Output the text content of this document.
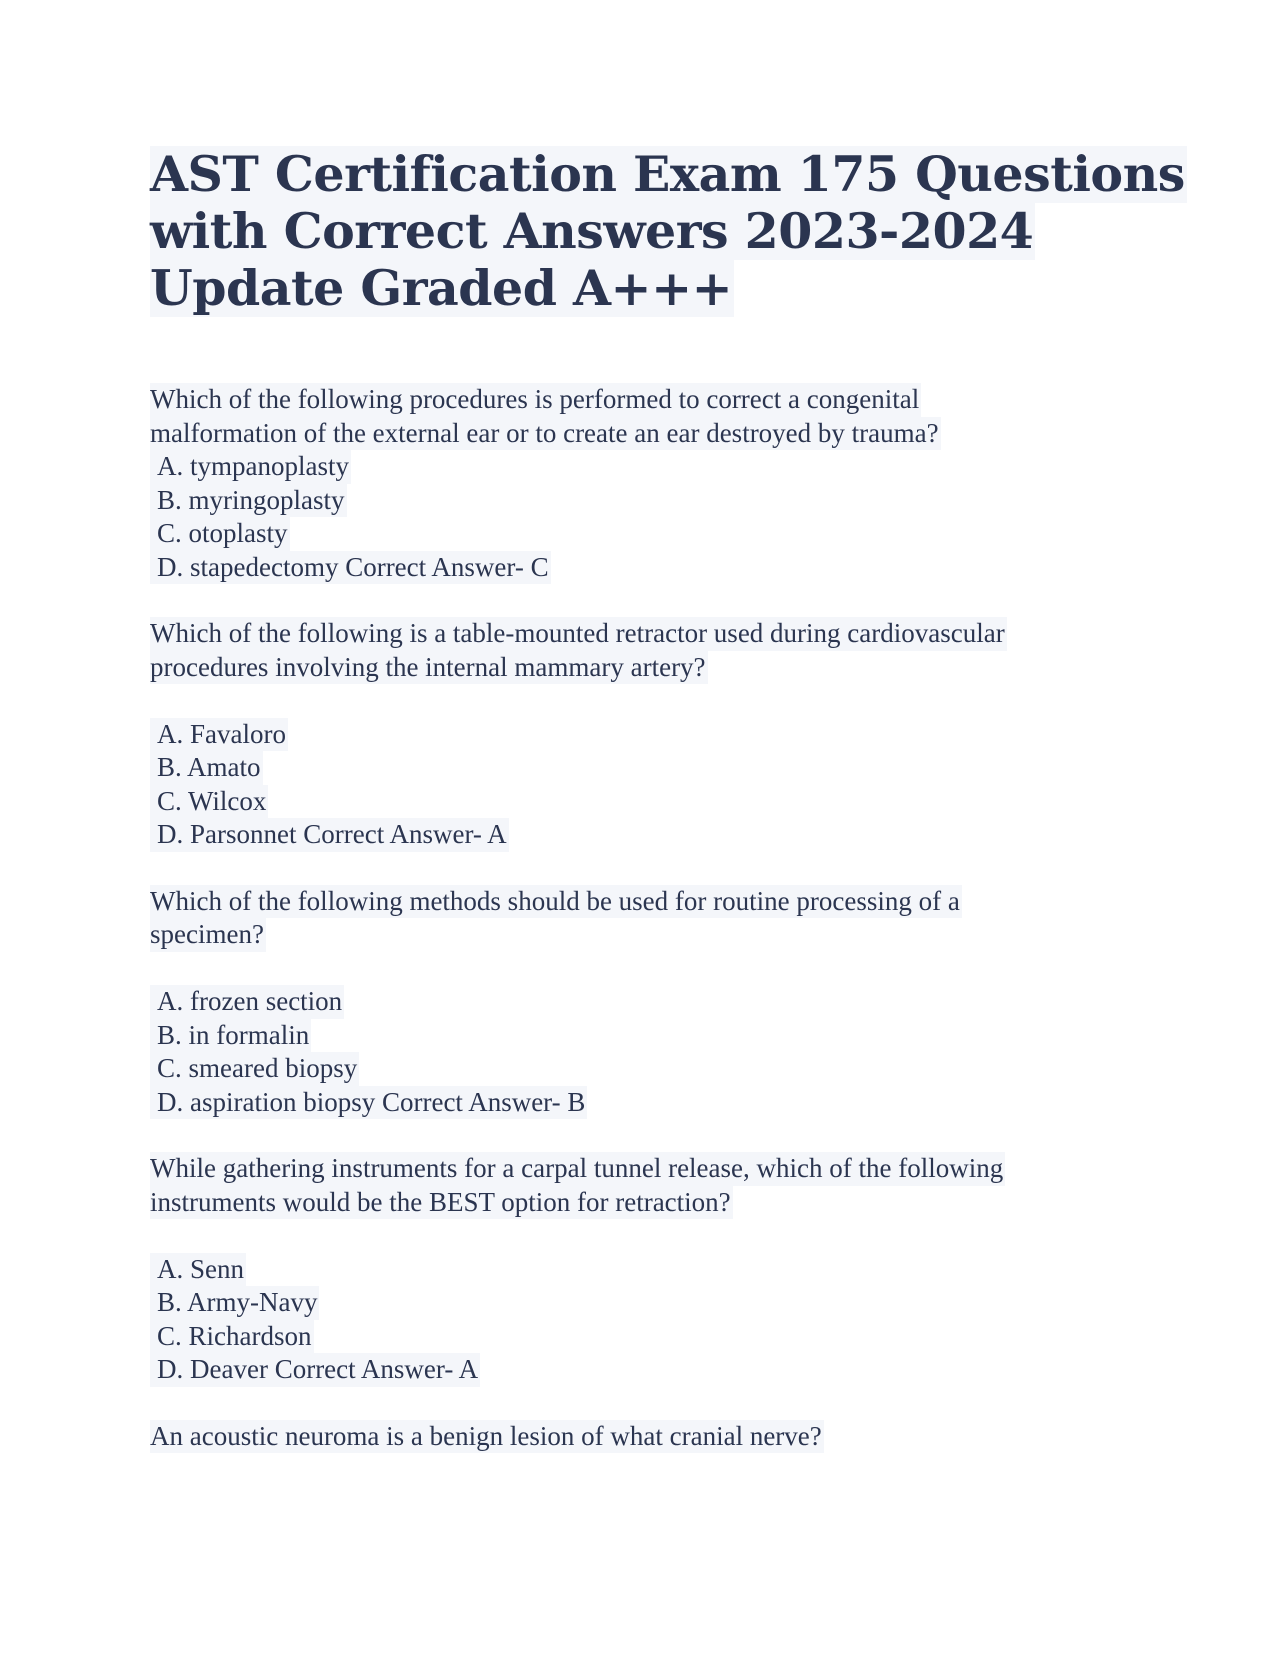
AST Certification Exam 175 Questions
with Correct Answers 2023-2024
Update Graded A+++
Which of the following procedures is performed to correct a congenital
malformation of the external ear or to create an ear destroyed by trauma?
A. tympanoplasty
B. myringoplasty
C. otoplasty
D. stapedectomy Correct Answer- C
Which of the following is a table-mounted retractor used during cardiovascular
procedures involving the internal mammary artery?
A. Favaloro
B. Amato
C. Wilcox
D. Parsonnet Correct Answer- A
Which of the following methods should be used for routine processing of a
specimen?
A. frozen section
B. in formalin
C. smeared biopsy
D. aspiration biopsy Correct Answer- B
While gathering instruments for a carpal tunnel release, which of the following
instruments would be the BEST option for retraction?
A. Senn
B. Army-Navy
C. Richardson
D. Deaver Correct Answer- A
An acoustic neuroma is a benign lesion of what cranial nerve?
